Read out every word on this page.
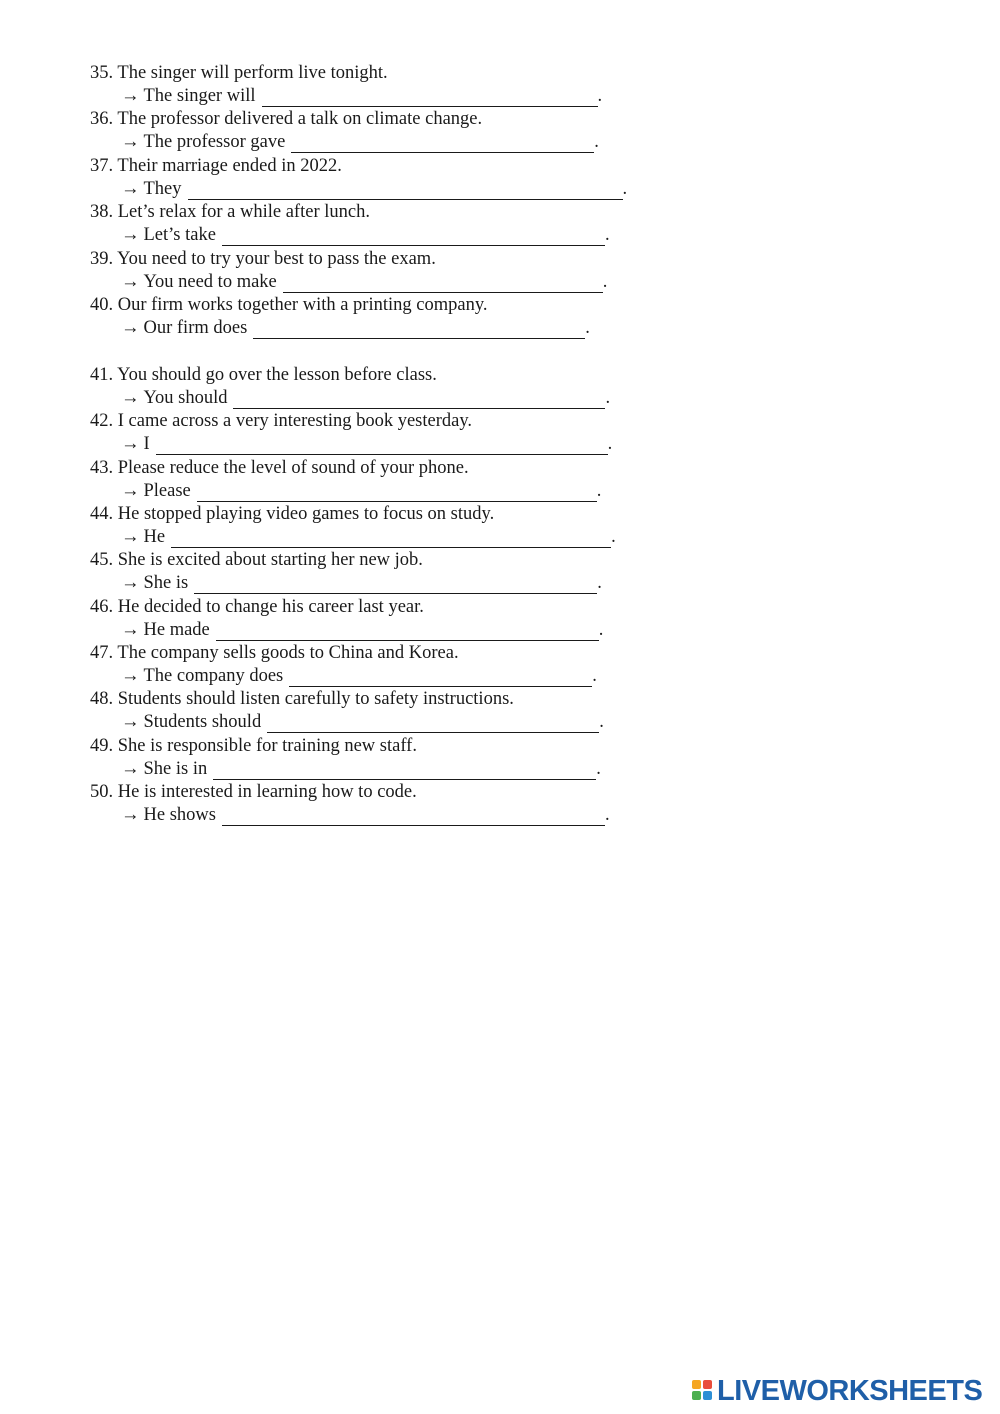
35. The singer will perform live tonight.
→ The singer will	.
36. The professor delivered a talk on climate change.
→ The professor gave	.
37. Their marriage ended in 2022.
→ They	.
38. Let’s relax for a while after lunch.
→ Let’s take	.
39. You need to try your best to pass the exam.
→ You need to make	.
40. Our firm works together with a printing company.
→ Our firm does	.
41. You should go over the lesson before class.
→ You should	.
42. I came across a very interesting book yesterday.
→ I	.
43. Please reduce the level of sound of your phone.
→ Please	.
44. He stopped playing video games to focus on study.
→ He	.
45. She is excited about starting her new job.
→ She is	.
46. He decided to change his career last year.
→ He made	.
47. The company sells goods to China and Korea.
→ The company does	.
48. Students should listen carefully to safety instructions.
→ Students should	.
49. She is responsible for training new staff.
→ She is in	.
50. He is interested in learning how to code.
→ He shows	.
LIVEWORKSHEETS
